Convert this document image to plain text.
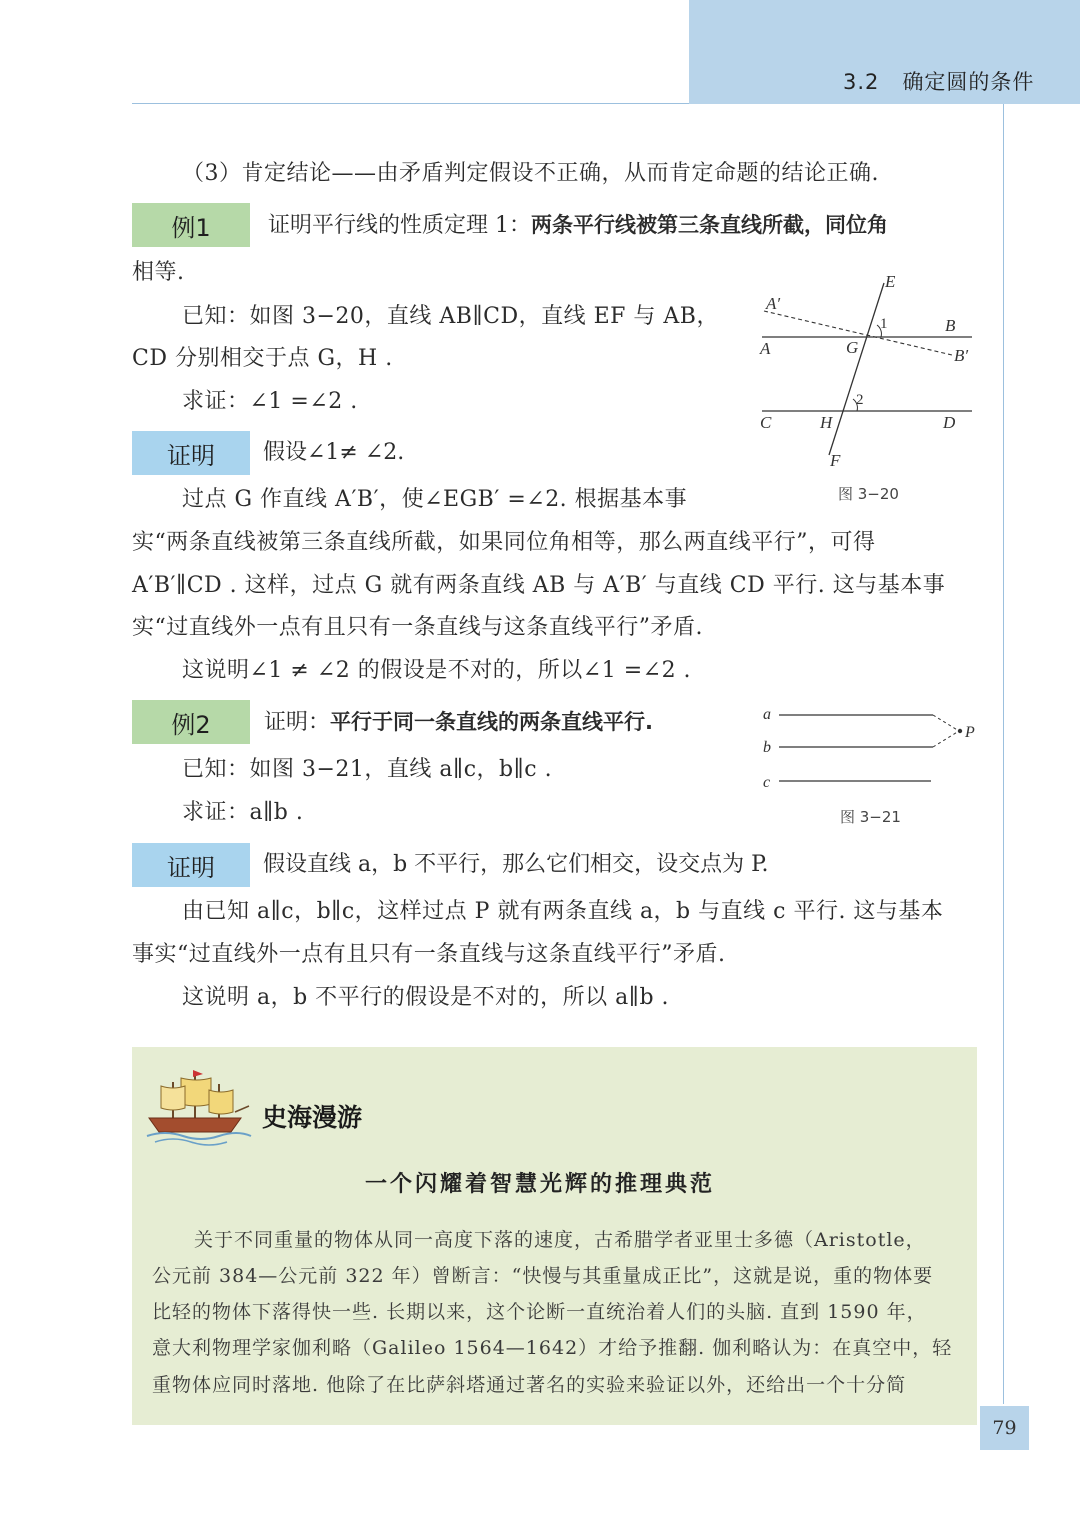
3.2 确定圆的条件
（3）肯定结论——由矛盾判定假设不正确，从而肯定命题的结论正确.
例1	证明平行线的性质定理 1：两条平行线被第三条直线所截，同位角
相等.
已知：如图 3−20，直线 AB∥CD，直线 EF 与 AB，
CD 分别相交于点 G，H .
求证：∠1 =∠2 .
证明	假设∠1≠ ∠2.
过点 G 作直线 A′B′，使∠EGB′ =∠2. 根据基本事
实“两条直线被第三条直线所截，如果同位角相等，那么两直线平行”，可得
A′B′∥CD . 这样，过点 G 就有两条直线 AB 与 A′B′ 与直线 CD 平行. 这与基本事
实“过直线外一点有且只有一条直线与这条直线平行”矛盾.
这说明∠1 ≠ ∠2 的假设是不对的，所以∠1 =∠2 .
E
A′
1	B
A	G	B′
2
C	H	D
F
图 3−20
例2	证明：平行于同一条直线的两条直线平行.
已知：如图 3−21，直线 a∥c，b∥c .
求证：a∥b .
a
b
c
P
图 3−21
证明	假设直线 a，b 不平行，那么它们相交，设交点为 P.
由已知 a∥c，b∥c，这样过点 P 就有两条直线 a，b 与直线 c 平行. 这与基本
事实“过直线外一点有且只有一条直线与这条直线平行”矛盾.
这说明 a，b 不平行的假设是不对的，所以 a∥b .
史海漫游
一个闪耀着智慧光辉的推理典范
关于不同重量的物体从同一高度下落的速度，古希腊学者亚里士多德（Aristotle，
公元前 384—公元前 322 年）曾断言：“快慢与其重量成正比”，这就是说，重的物体要
比轻的物体下落得快一些. 长期以来，这个论断一直统治着人们的头脑. 直到 1590 年，
意大利物理学家伽利略（Galileo 1564—1642）才给予推翻. 伽利略认为：在真空中，轻
重物体应同时落地. 他除了在比萨斜塔通过著名的实验来验证以外，还给出一个十分简
79
